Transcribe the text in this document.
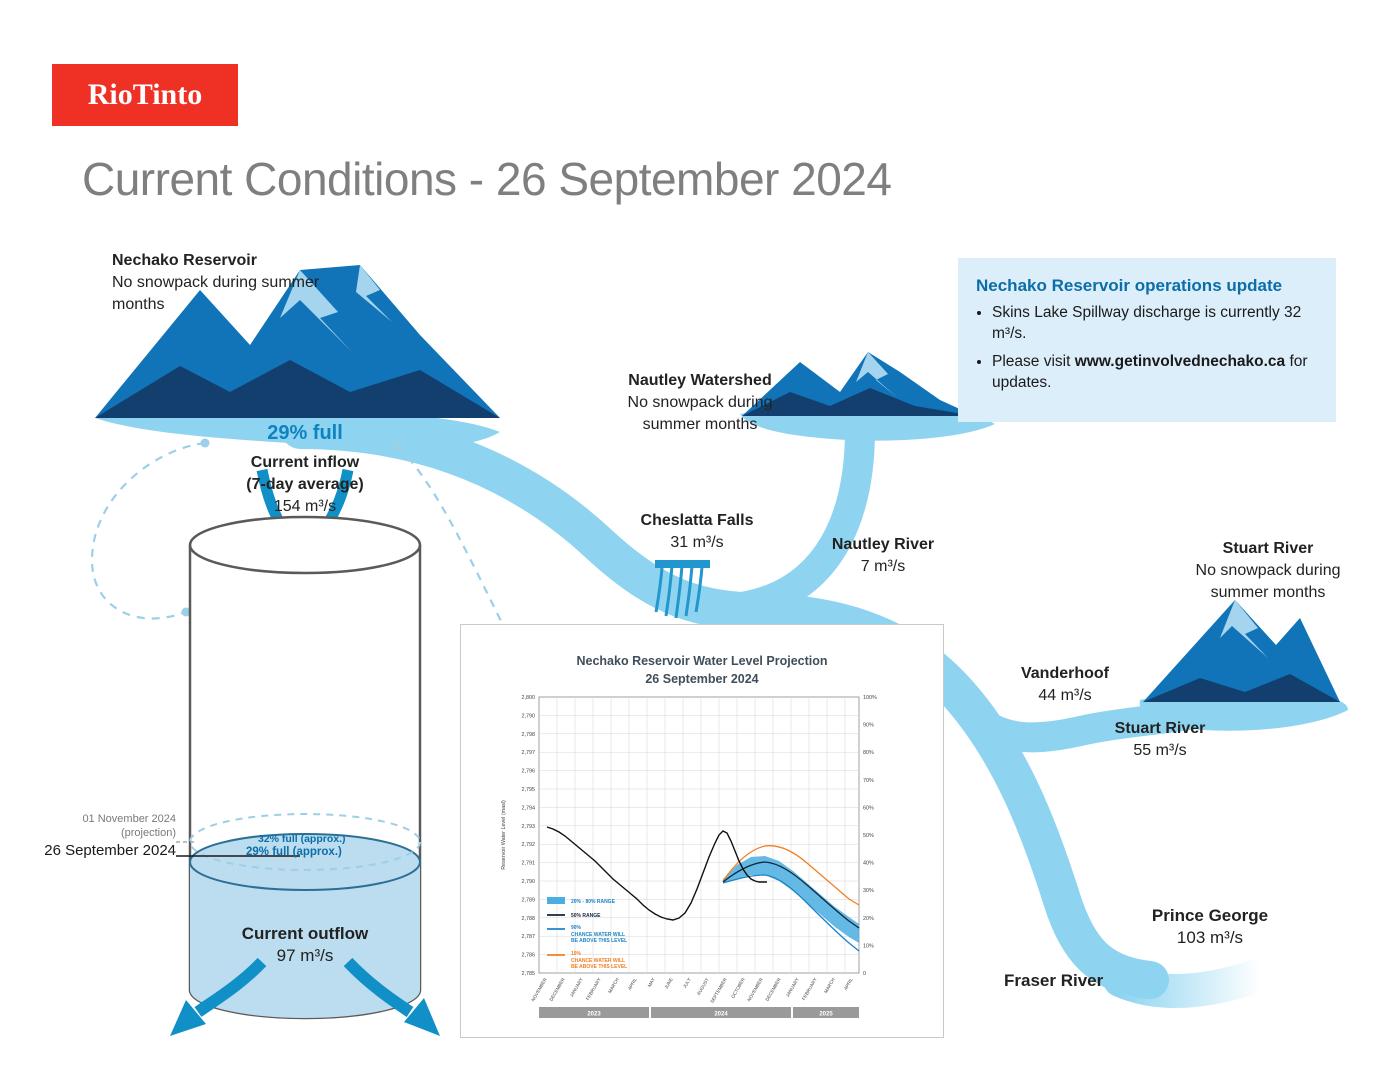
RioTinto
Current Conditions - 26 September 2024
Nechako Reservoir
No snowpack during summer months
Nautley Watershed
No snowpack during summer months
Stuart River
No snowpack during summer months
29% full
Current inflow
(7-day average)
154 m³/s
Current outflow
97 m³/s
Cheslatta Falls
31 m³/s	Nautley River
7 m³/s
Vanderhoof
44 m³/s
Stuart River
55 m³/s
Prince George
103 m³/s
Fraser River
01 November 2024
(projection)
26 September 2024
32% full (approx.)
29% full (approx.)
Nechako Reservoir operations update
• Skins Lake Spillway discharge is currently 32 m³/s.
• Please visit www.getinvolvednechako.ca for updates.
Nechako Reservoir Water Level Projection
26 September 2024
2,800
2,790
2,798
2,797
2,796
2,795
2,794
2,793
2,792
2,791
2,790
2,789
2,788
2,787
2,786
2,785
100%
90%
80%
70%
60%
50%
40%
30%
20%
10%
0
Reservoir Water Level (masl)
20% - 80% RANGE
50% RANGE
90%
CHANCE WATER WILL
BE ABOVE THIS LEVEL
10%
CHANCE WATER WILL
BE ABOVE THIS LEVEL
NOVEMBER DECEMBER JANUARY FEBRUARY MARCH APRIL MAY JUNE JULY AUGUST SEPTEMBER OCTOBER NOVEMBER DECEMBER JANUARY FEBRUARY MARCH APRIL
2023	2024	2025
